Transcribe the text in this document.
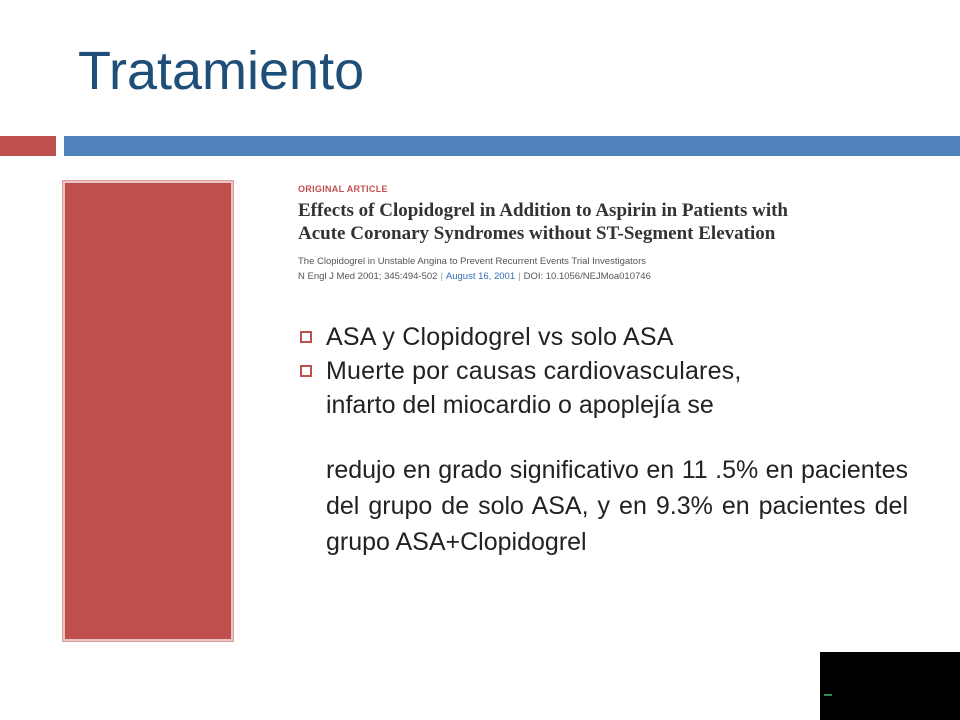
Tratamiento
ORIGINAL ARTICLE
Effects of Clopidogrel in Addition to Aspirin in Patients with
Acute Coronary Syndromes without ST-Segment Elevation
The Clopidogrel in Unstable Angina to Prevent Recurrent Events Trial Investigators
N Engl J Med 2001; 345:494-502 | August 16, 2001 | DOI: 10.1056/NEJMoa010746
ASA y Clopidogrel vs solo ASA
Muerte por causas cardiovasculares,
infarto del miocardio o apoplejía se
redujo en grado significativo en 11 .5% en pacientes del grupo de solo ASA, y en 9.3% en pacientes del grupo ASA+Clopidogrel
